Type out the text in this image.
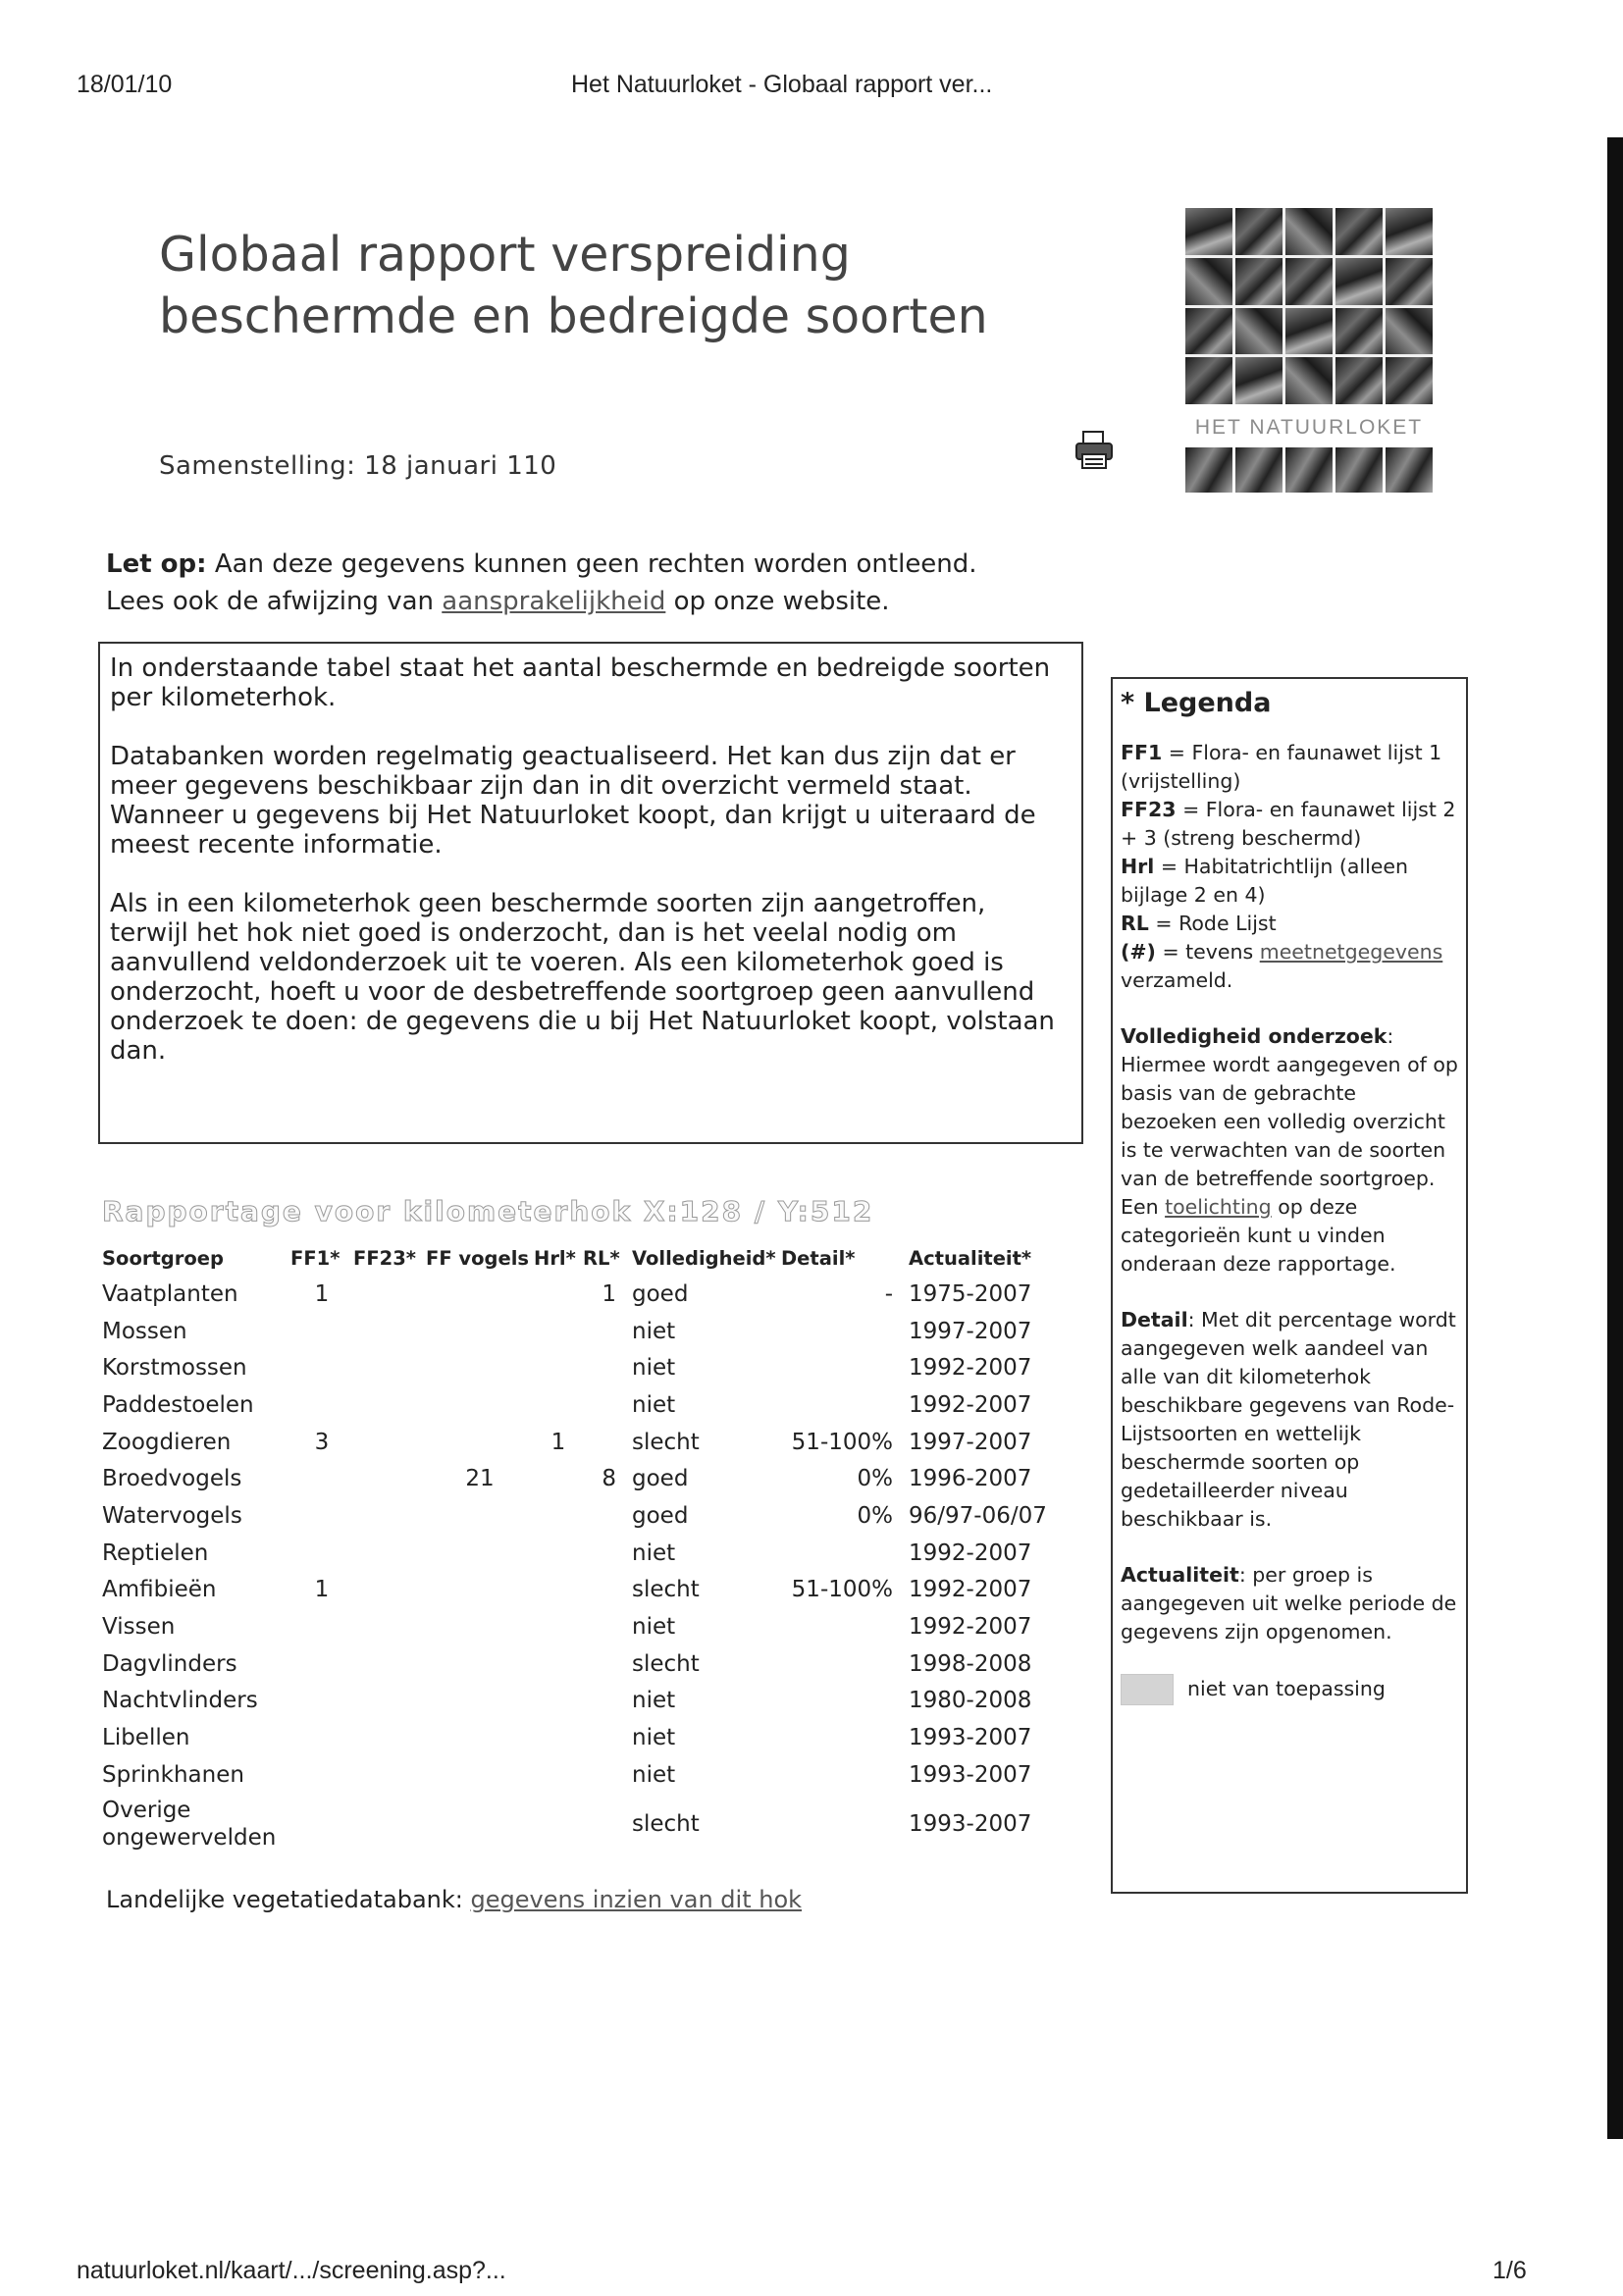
18/01/10	Het Natuurloket - Globaal rapport ver...
Globaal rapport verspreiding
beschermde en bedreigde soorten
Samenstelling: 18 januari 110
HET NATUURLOKET
Let op: Aan deze gegevens kunnen geen rechten worden ontleend.
Lees ook de afwijzing van aansprakelijkheid op onze website.

In onderstaande tabel staat het aantal beschermde en bedreigde soorten per kilometerhok.

Databanken worden regelmatig geactualiseerd. Het kan dus zijn dat er meer gegevens beschikbaar zijn dan in dit overzicht vermeld staat. Wanneer u gegevens bij Het Natuurloket koopt, dan krijgt u uiteraard de meest recente informatie.

Als in een kilometerhok geen beschermde soorten zijn aangetroffen, terwijl het hok niet goed is onderzocht, dan is het veelal nodig om aanvullend veldonderzoek uit te voeren. Als een kilometerhok goed is onderzocht, hoeft u voor de desbetreffende soortgroep geen aanvullend onderzoek te doen: de gegevens die u bij Het Natuurloket koopt, volstaan dan.

* Legenda

FF1 = Flora- en faunawet lijst 1 (vrijstelling)
FF23 = Flora- en faunawet lijst 2 + 3 (streng beschermd)
Hrl = Habitatrichtlijn (alleen bijlage 2 en 4)
RL = Rode Lijst
(#) = tevens meetnetgegevens verzameld.

Volledigheid onderzoek: Hiermee wordt aangegeven of op basis van de gebrachte bezoeken een volledig overzicht is te verwachten van de soorten van de betreffende soortgroep. Een toelichting op deze categorieën kunt u vinden onderaan deze rapportage.

Detail: Met dit percentage wordt aangegeven welk aandeel van alle van dit kilometerhok beschikbare gegevens van Rode-Lijstsoorten en wettelijk beschermde soorten op gedetailleerder niveau beschikbaar is.

Actualiteit: per groep is aangegeven uit welke periode de gegevens zijn opgenomen.

niet van toepassing
Rapportage voor kilometerhok X:128 / Y:512
Soortgroep	FF1*	FF23*	FF vogels	Hrl*	RL*	Volledigheid*	Detail*	Actualiteit*
Vaatplanten	1				1	goed	-	1975-2007
Mossen						niet		1997-2007
Korstmossen						niet		1992-2007
Paddestoelen						niet		1992-2007
Zoogdieren	3			1		slecht	51-100%	1997-2007
Broedvogels			21		8	goed	0%	1996-2007
Watervogels						goed	0%	96/97-06/07
Reptielen						niet		1992-2007
Amfibieën	1					slecht	51-100%	1992-2007
Vissen						niet		1992-2007
Dagvlinders						slecht		1998-2008
Nachtvlinders						niet		1980-2008
Libellen						niet		1993-2007
Sprinkhanen						niet		1993-2007
Overige ongewervelden						slecht		1993-2007
Landelijke vegetatiedatabank: gegevens inzien van dit hok
natuurloket.nl/kaart/.../screening.asp?...	1/6
